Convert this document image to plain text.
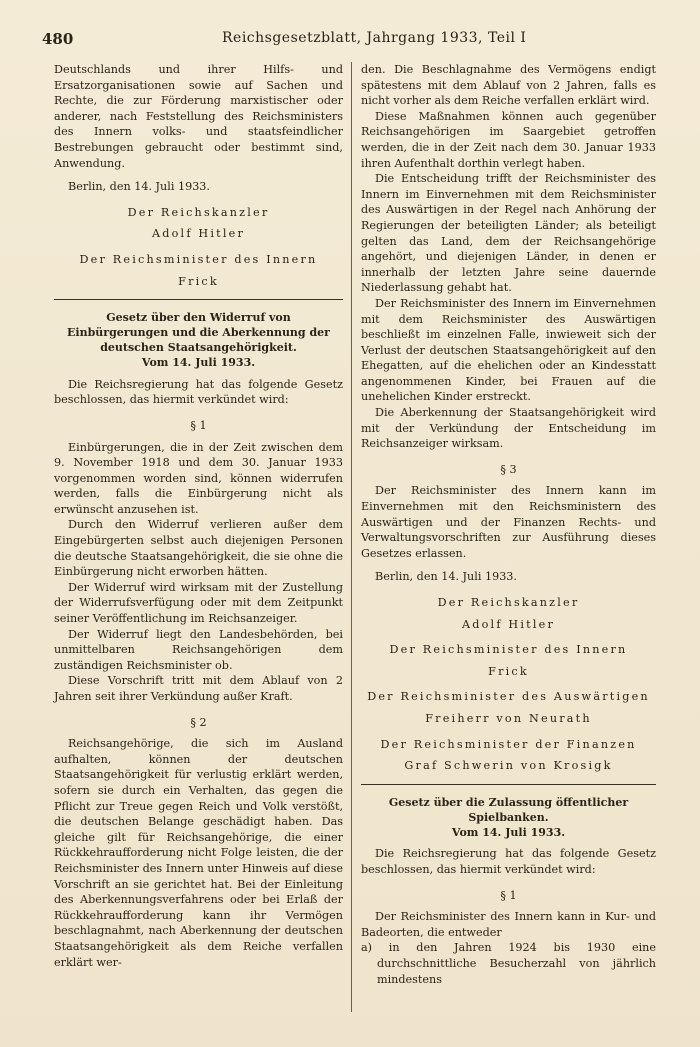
480	Reichsgesetzblatt, Jahrgang 1933, Teil I

Deutschlands und ihrer Hilfs- und Ersatzorganisationen sowie auf Sachen und Rechte, die zur Förderung marxistischer oder anderer, nach Feststellung des Reichsministers des Innern volks- und staatsfeindlicher Bestrebungen gebraucht oder bestimmt sind, Anwendung.

Berlin, den 14. Juli 1933.

Der Reichskanzler

Adolf Hitler

Der Reichsminister des Innern

Frick

Gesetz über den Widerruf von Einbürgerungen und die Aberkennung der deutschen Staatsangehörigkeit.

Vom 14. Juli 1933.

Die Reichsregierung hat das folgende Gesetz beschlossen, das hiermit verkündet wird:

§ 1

Einbürgerungen, die in der Zeit zwischen dem 9. November 1918 und dem 30. Januar 1933 vorgenommen worden sind, können widerrufen werden, falls die Einbürgerung nicht als erwünscht anzusehen ist.

Durch den Widerruf verlieren außer dem Eingebürgerten selbst auch diejenigen Personen die deutsche Staatsangehörigkeit, die sie ohne die Einbürgerung nicht erworben hätten.

Der Widerruf wird wirksam mit der Zustellung der Widerrufsverfügung oder mit dem Zeitpunkt seiner Veröffentlichung im Reichsanzeiger.

Der Widerruf liegt den Landesbehörden, bei unmittelbaren Reichsangehörigen dem zuständigen Reichsminister ob.

Diese Vorschrift tritt mit dem Ablauf von 2 Jahren seit ihrer Verkündung außer Kraft.

§ 2

Reichsangehörige, die sich im Ausland aufhalten, können der deutschen Staatsangehörigkeit für verlustig erklärt werden, sofern sie durch ein Verhalten, das gegen die Pflicht zur Treue gegen Reich und Volk verstößt, die deutschen Belange geschädigt haben. Das gleiche gilt für Reichsangehörige, die einer Rückkehraufforderung nicht Folge leisten, die der Reichsminister des Innern unter Hinweis auf diese Vorschrift an sie gerichtet hat. Bei der Einleitung des Aberkennungsverfahrens oder bei Erlaß der Rückkehraufforderung kann ihr Vermögen beschlagnahmt, nach Aberkennung der deutschen Staatsangehörigkeit als dem Reiche verfallen erklärt wer-

den. Die Beschlagnahme des Vermögens endigt spätestens mit dem Ablauf von 2 Jahren, falls es nicht vorher als dem Reiche verfallen erklärt wird.

Diese Maßnahmen können auch gegenüber Reichsangehörigen im Saargebiet getroffen werden, die in der Zeit nach dem 30. Januar 1933 ihren Aufenthalt dorthin verlegt haben.

Die Entscheidung trifft der Reichsminister des Innern im Einvernehmen mit dem Reichsminister des Auswärtigen in der Regel nach Anhörung der Regierungen der beteiligten Länder; als beteiligt gelten das Land, dem der Reichsangehörige angehört, und diejenigen Länder, in denen er innerhalb der letzten Jahre seine dauernde Niederlassung gehabt hat.

Der Reichsminister des Innern im Einvernehmen mit dem Reichsminister des Auswärtigen beschließt im einzelnen Falle, inwieweit sich der Verlust der deutschen Staatsangehörigkeit auf den Ehegatten, auf die ehelichen oder an Kindesstatt angenommenen Kinder, bei Frauen auf die unehelichen Kinder erstreckt.

Die Aberkennung der Staatsangehörigkeit wird mit der Verkündung der Entscheidung im Reichsanzeiger wirksam.

§ 3

Der Reichsminister des Innern kann im Einvernehmen mit den Reichsministern des Auswärtigen und der Finanzen Rechts- und Verwaltungsvorschriften zur Ausführung dieses Gesetzes erlassen.

Berlin, den 14. Juli 1933.

Der Reichskanzler

Adolf Hitler

Der Reichsminister des Innern

Frick

Der Reichsminister des Auswärtigen

Freiherr von Neurath

Der Reichsminister der Finanzen

Graf Schwerin von Krosigk

Gesetz über die Zulassung öffentlicher Spielbanken.

Vom 14. Juli 1933.

Die Reichsregierung hat das folgende Gesetz beschlossen, das hiermit verkündet wird:

§ 1

Der Reichsminister des Innern kann in Kur- und Badeorten, die entweder

a) in den Jahren 1924 bis 1930 eine durchschnittliche Besucherzahl von jährlich mindestens
